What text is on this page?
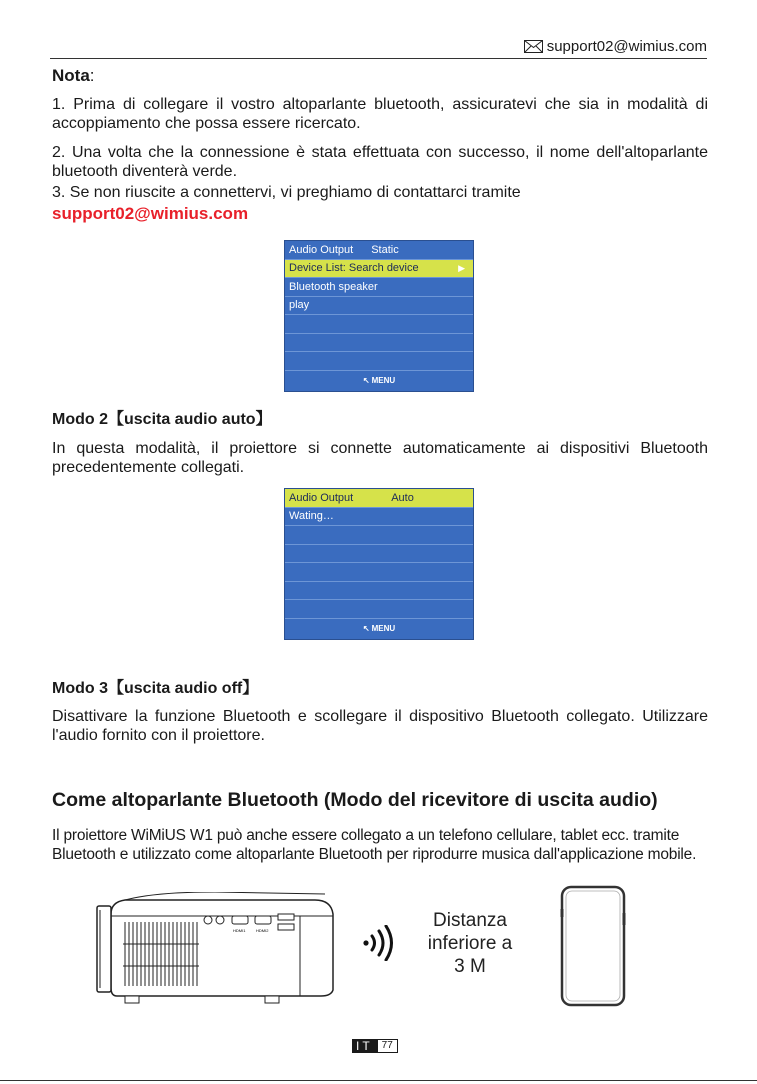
support02@wimius.com
Nota:
1. Prima di collegare il vostro altoparlante bluetooth, assicuratevi che sia in modalità di accoppiamento che possa essere ricercato.
2. Una volta che la connessione è stata effettuata con successo, il nome dell'altoparlante bluetooth diventerà verde.
3. Se non riuscite a connettervi, vi preghiamo di contattarci tramite
support02@wimius.com
Audio Output Static
Device List: Search device	▶
Bluetooth speaker
play
↖ MENU
Modo 2【uscita audio auto】
In questa modalità, il proiettore si connette automaticamente ai dispositivi Bluetooth precedentemente collegati.
Audio Output	Auto
Wating…
↖ MENU
Modo 3【uscita audio off】
Disattivare la funzione Bluetooth e scollegare il dispositivo Bluetooth collegato. Utilizzare l'audio fornito con il proiettore.
Come altoparlante Bluetooth (Modo del ricevitore di uscita audio)
Il proiettore WiMiUS W1 può anche essere collegato a un telefono cellulare, tablet ecc. tramite Bluetooth e utilizzato come altoparlante Bluetooth per riprodurre musica dall'applicazione mobile.
HDMI1	HDMI2	Distanza
inferiore a
3 M
IT 77
